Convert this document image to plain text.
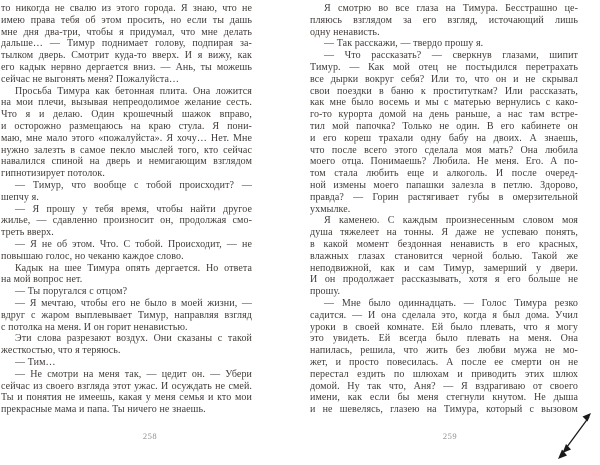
то никогда не свалю из этого города. Я знаю, что не
имею права тебя об этом просить, но если ты дашь
мне дня два-три, чтобы я придумал, что мне делать
дальше… — Тимур поднимает голову, подпирая за-
тылком дверь. Смотрит куда-то вверх. И я вижу, как
его кадык нервно дергается вниз. — Ань, ты можешь
сейчас не выгонять меня? Пожалуйста…
Просьба Тимура как бетонная плита. Она ложится
на мои плечи, вызывая непреодолимое желание сесть.
Что я и делаю. Один крошечный шажок вправо,
и осторожно размещаюсь на краю стула. Я пони-
маю, мне мало этого «пожалуйста». Я хочу… Нет. Мне
нужно залезть в самое пекло мыслей того, кто сейчас
навалился спиной на дверь и немигающим взглядом
гипнотизирует потолок.
— Тимур, что вообще с тобой происходит? —
шепчу я.
— Я прошу у тебя время, чтобы найти другое
жилье, — сдавленно произносит он, продолжая смо-
треть вверх.
— Я не об этом. Что. С тобой. Происходит, — не
повышаю голос, но чеканю каждое слово.
Кадык на шее Тимура опять дергается. Но ответа
на мой вопрос нет.
— Ты поругался с отцом?
— Я мечтаю, чтобы его не было в моей жизни, —
вдруг с жаром выплевывает Тимур, направляя взгляд
с потолка на меня. И он горит ненавистью.
Эти слова разрезают воздух. Они сказаны с такой
жесткостью, что я теряюсь.
— Тим…
— Не смотри на меня так, — цедит он. — Убери
сейчас из своего взгляда этот ужас. И осуждать не смей.
Ты и понятия не имеешь, какая у меня семья и кто мои
прекрасные мама и папа. Ты ничего не знаешь.
Я смотрю во все глаза на Тимура. Бесстрашно це-
пляюсь взглядом за его взгляд, источающий лишь
одну ненависть.
— Так расскажи, — твердо прошу я.
— Что рассказать? — сверкнув глазами, шипит
Тимур. — Как мой отец не постыдился перетрахать
все дырки вокруг себя? Или то, что он и не скрывал
свои поездки в баню к проституткам? Или рассказать,
как мне было восемь и мы с матерью вернулись с како-
го-то курорта домой на день раньше, а нас там встре-
тил мой папочка? Только не один. В его кабинете он
и его кореш трахали одну бабу на двоих. А знаешь,
что после всего этого сделала моя мать? Она любила
моего отца. Понимаешь? Любила. Не меня. Его. А по-
том стала любить еще и алкоголь. И после очеред-
ной измены моего папашки залезла в петлю. Здорово,
правда? — Горин растягивает губы в омерзительной
ухмылке.
Я каменею. С каждым произнесенным словом моя
душа тяжелеет на тонны. Я даже не успеваю понять,
в какой момент бездонная ненависть в его красных,
влажных глазах становится черной болью. Такой же
неподвижной, как и сам Тимур, замерший у двери.
И он продолжает рассказывать, хотя я его больше не
прошу.
— Мне было одиннадцать. — Голос Тимура резко
садится. — И она сделала это, когда я был дома. Учил
уроки в своей комнате. Ей было плевать, что я могу
это увидеть. Ей всегда было плевать на меня. Она
напилась, решила, что жить без любви мужа не мо-
жет, и просто повесилась. А после ее смерти он не
перестал ездить по шлюхам и приводить этих шлюх
домой. Ну так что, Аня? — Я вздрагиваю от своего
имени, как если бы меня стегнули кнутом. Не дыша
и не шевелясь, глазею на Тимура, который с вызовом
258	259
